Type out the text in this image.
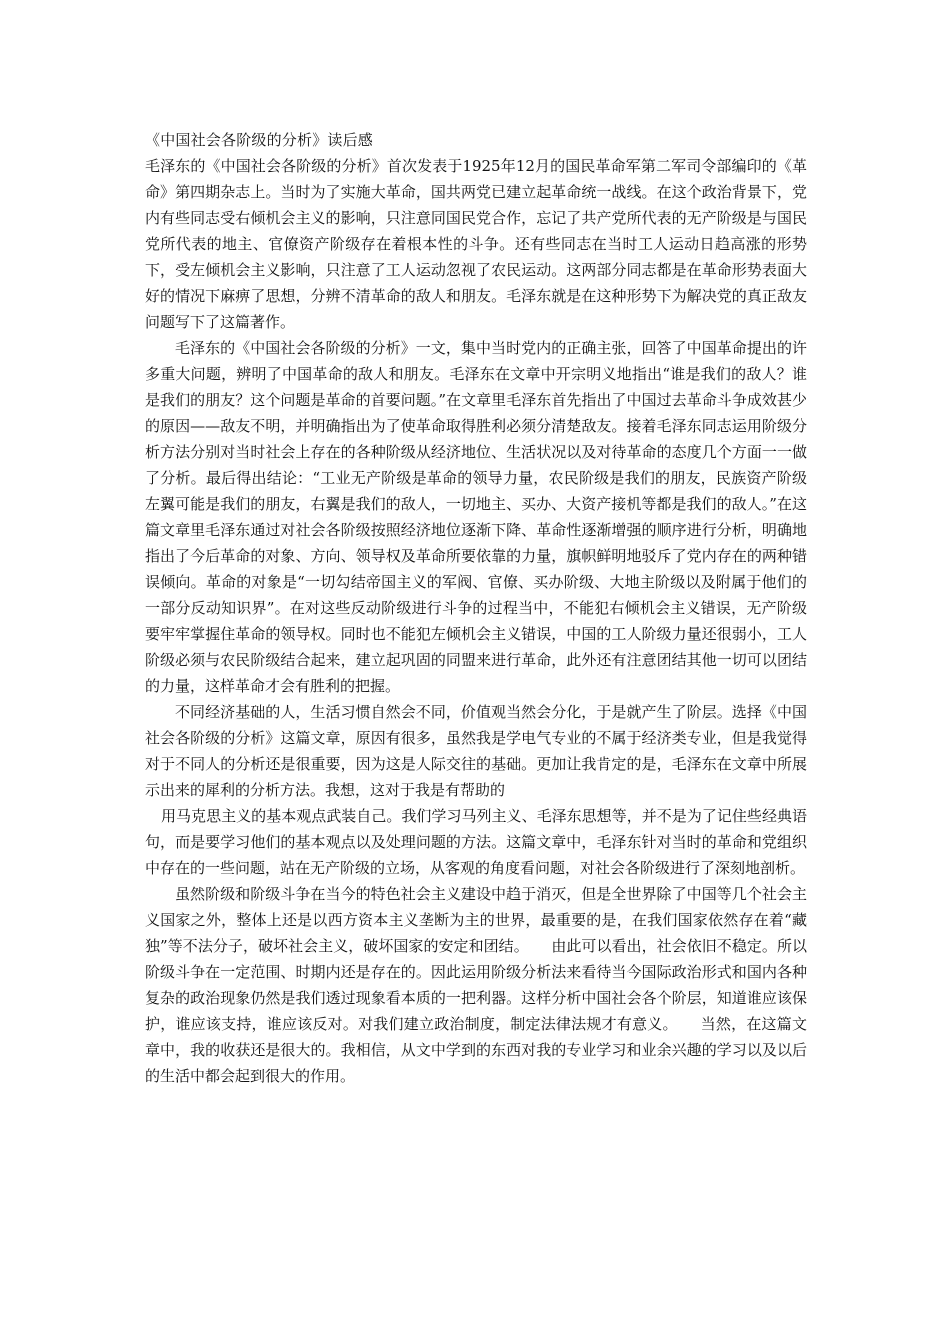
《中国社会各阶级的分析》读后感

毛泽东的《中国社会各阶级的分析》首次发表于1925年12月的国民革命军第二军司令部编印的《革命》第四期杂志上。当时为了实施大革命，国共两党已建立起革命统一战线。在这个政治背景下，党内有些同志受右倾机会主义的影响，只注意同国民党合作，忘记了共产党所代表的无产阶级是与国民党所代表的地主、官僚资产阶级存在着根本性的斗争。还有些同志在当时工人运动日趋高涨的形势下，受左倾机会主义影响，只注意了工人运动忽视了农民运动。这两部分同志都是在革命形势表面大好的情况下麻痹了思想，分辨不清革命的敌人和朋友。毛泽东就是在这种形势下为解决党的真正敌友问题写下了这篇著作。

毛泽东的《中国社会各阶级的分析》一文，集中当时党内的正确主张，回答了中国革命提出的许多重大问题，辨明了中国革命的敌人和朋友。毛泽东在文章中开宗明义地指出“谁是我们的敌人？谁是我们的朋友？这个问题是革命的首要问题。”在文章里毛泽东首先指出了中国过去革命斗争成效甚少的原因——敌友不明，并明确指出为了使革命取得胜利必须分清楚敌友。接着毛泽东同志运用阶级分析方法分别对当时社会上存在的各种阶级从经济地位、生活状况以及对待革命的态度几个方面一一做了分析。最后得出结论：“工业无产阶级是革命的领导力量，农民阶级是我们的朋友，民族资产阶级左翼可能是我们的朋友，右翼是我们的敌人，一切地主、买办、大资产接机等都是我们的敌人。”在这篇文章里毛泽东通过对社会各阶级按照经济地位逐渐下降、革命性逐渐增强的顺序进行分析，明确地指出了今后革命的对象、方向、领导权及革命所要依靠的力量，旗帜鲜明地驳斥了党内存在的两种错误倾向。革命的对象是“一切勾结帝国主义的军阀、官僚、买办阶级、大地主阶级以及附属于他们的一部分反动知识界”。在对这些反动阶级进行斗争的过程当中，不能犯右倾机会主义错误，无产阶级要牢牢掌握住革命的领导权。同时也不能犯左倾机会主义错误，中国的工人阶级力量还很弱小，工人阶级必须与农民阶级结合起来，建立起巩固的同盟来进行革命，此外还有注意团结其他一切可以团结的力量，这样革命才会有胜利的把握。

不同经济基础的人，生活习惯自然会不同，价值观当然会分化，于是就产生了阶层。选择《中国社会各阶级的分析》这篇文章，原因有很多，虽然我是学电气专业的不属于经济类专业，但是我觉得对于不同人的分析还是很重要，因为这是人际交往的基础。更加让我肯定的是，毛泽东在文章中所展示出来的犀利的分析方法。我想，这对于我是有帮助的

用马克思主义的基本观点武装自己。我们学习马列主义、毛泽东思想等，并不是为了记住些经典语句，而是要学习他们的基本观点以及处理问题的方法。这篇文章中，毛泽东针对当时的革命和党组织中存在的一些问题，站在无产阶级的立场，从客观的角度看问题，对社会各阶级进行了深刻地剖析。

虽然阶级和阶级斗争在当今的特色社会主义建设中趋于消灭，但是全世界除了中国等几个社会主义国家之外，整体上还是以西方资本主义垄断为主的世界，最重要的是，在我们国家依然存在着“藏独”等不法分子，破坏社会主义，破坏国家的安定和团结。　　由此可以看出，社会依旧不稳定。所以阶级斗争在一定范围、时期内还是存在的。因此运用阶级分析法来看待当今国际政治形式和国内各种复杂的政治现象仍然是我们透过现象看本质的一把利器。这样分析中国社会各个阶层，知道谁应该保护，谁应该支持，谁应该反对。对我们建立政治制度，制定法律法规才有意义。　　当然，在这篇文章中，我的收获还是很大的。我相信，从文中学到的东西对我的专业学习和业余兴趣的学习以及以后的生活中都会起到很大的作用。
